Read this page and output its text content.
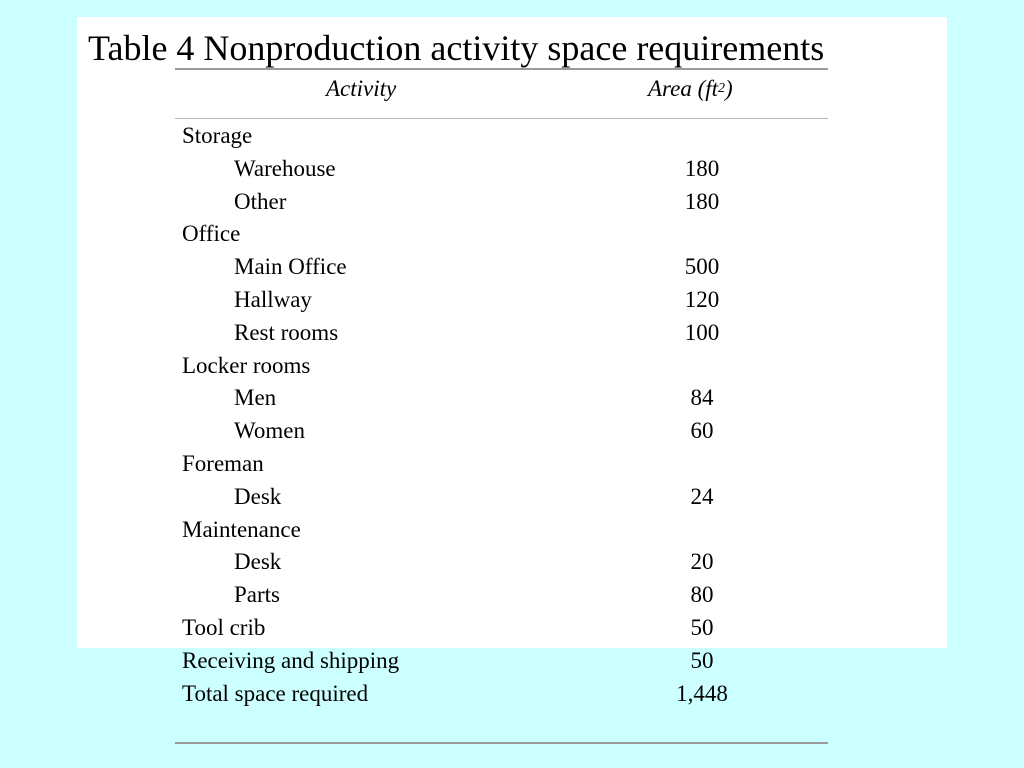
Table 4 Nonproduction activity space requirements
Activity	Area $(ft^2)$
Storage
Warehouse	180
Other	180
Office
Main Office	500
Hallway	120
Rest rooms	100
Locker rooms
Men	84
Women	60
Foreman
Desk	24
Maintenance
Desk	20
Parts	80
Tool crib	50
Receiving and shipping	50
Total space required	1,448
